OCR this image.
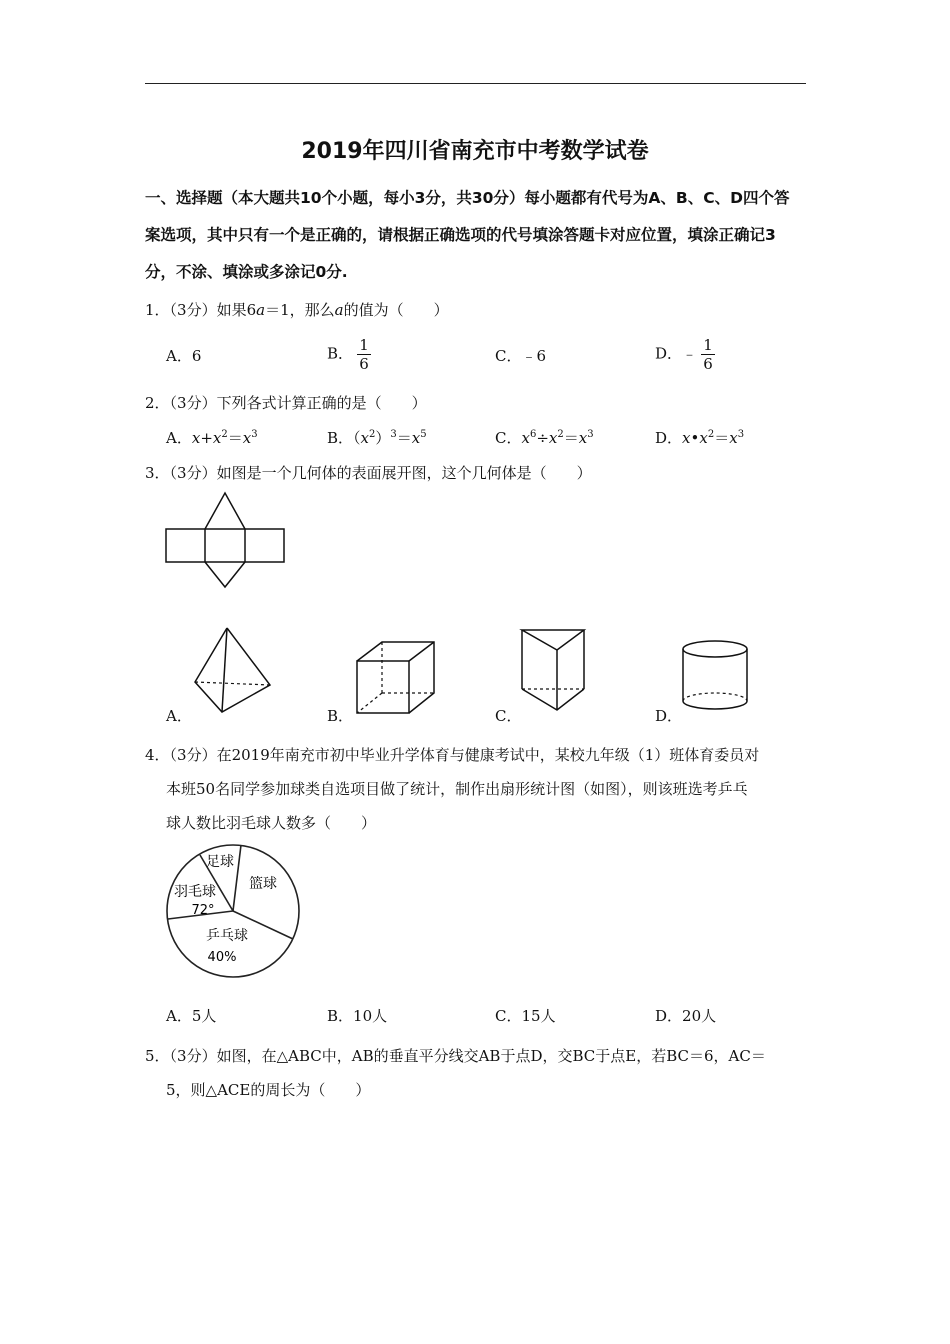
2019年四川省南充市中考数学试卷
一、选择题（本大题共10个小题，每小3分，共30分）每小题都有代号为A、B、C、D四个答
案选项，其中只有一个是正确的，请根据正确选项的代号填涂答题卡对应位置，填涂正确记3
分，不涂、填涂或多涂记0分.
1．（3分）如果6a＝1，那么a的值为（　　）
A．6	B． $\frac{1}{6}$	C．﹣6	D．﹣ $\frac{1}{6}$
2．（3分）下列各式计算正确的是（　　）
A．$x+x^2=x^3$	B．$(x^2)^3=x^5$	C．$x^6\div x^2=x^3$	D．$x•x^2=x^3$
3．（3分）如图是一个几何体的表面展开图，这个几何体是（　　）
A．	B．	C．	D．
4．（3分）在2019年南充市初中毕业升学体育与健康考试中，某校九年级（1）班体育委员对
本班50名同学参加球类自选项目做了统计，制作出扇形统计图（如图），则该班选考乒乓
球人数比羽毛球人数多（　　）
足球
篮球
羽毛球
72°
乒乓球
40%
A．5人	B．10人	C．15人	D．20人
5．（3分）如图，在△ABC中，AB的垂直平分线交AB于点D，交BC于点E，若BC＝6，AC＝
5，则△ACE的周长为（　　）
